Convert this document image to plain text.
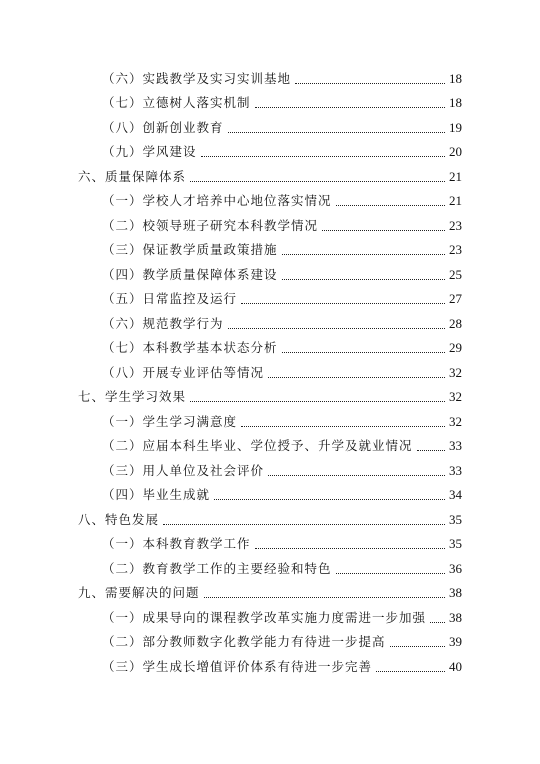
（六）实践教学及实习实训基地	18
（七）立德树人落实机制	18
（八）创新创业教育	19
（九）学风建设	20
六、质量保障体系	21
（一）学校人才培养中心地位落实情况	21
（二）校领导班子研究本科教学情况	23
（三）保证教学质量政策措施	23
（四）教学质量保障体系建设	25
（五）日常监控及运行	27
（六）规范教学行为	28
（七）本科教学基本状态分析	29
（八）开展专业评估等情况	32
七、学生学习效果	32
（一）学生学习满意度	32
（二）应届本科生毕业、学位授予、升学及就业情况	33
（三）用人单位及社会评价	33
（四）毕业生成就	34
八、特色发展	35
（一）本科教育教学工作	35
（二）教育教学工作的主要经验和特色	36
九、需要解决的问题	38
（一）成果导向的课程教学改革实施力度需进一步加强 38
（二）部分教师数字化教学能力有待进一步提高	39
（三）学生成长增值评价体系有待进一步完善	40
